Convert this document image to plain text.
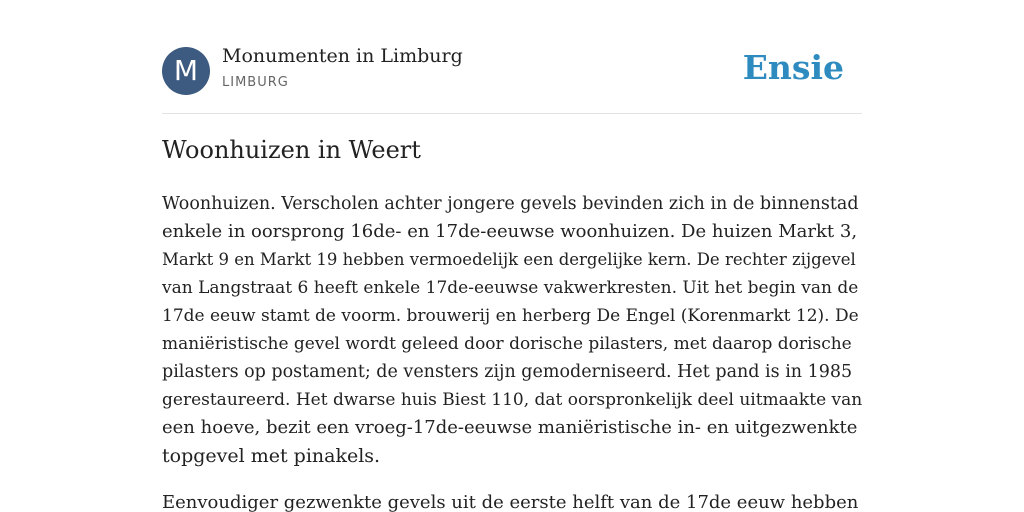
M	Monumenten in Limburg
LIMBURG	Ensie
Woonhuizen in Weert

Woonhuizen. Verscholen achter jongere gevels bevinden zich in de binnenstad
enkele in oorsprong 16de- en 17de-eeuwse woonhuizen. De huizen Markt 3,
Markt 9 en Markt 19 hebben vermoedelijk een dergelijke kern. De rechter zijgevel
van Langstraat 6 heeft enkele 17de-eeuwse vakwerkresten. Uit het begin van de
17de eeuw stamt de voorm. brouwerij en herberg De Engel (Korenmarkt 12). De
maniëristische gevel wordt geleed door dorische pilasters, met daarop dorische
pilasters op postament; de vensters zijn gemoderniseerd. Het pand is in 1985
gerestaureerd. Het dwarse huis Biest 110, dat oorspronkelijk deel uitmaakte van
een hoeve, bezit een vroeg-17de-eeuwse maniëristische in- en uitgezwenkte
topgevel met pinakels.

Eenvoudiger gezwenkte gevels uit de eerste helft van de 17de eeuw hebben
